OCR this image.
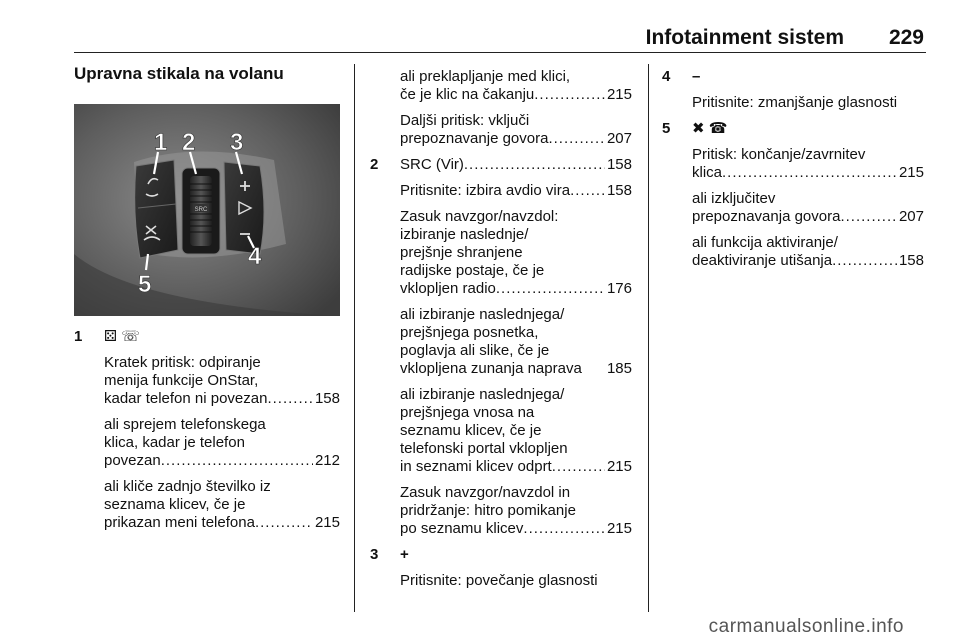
Infotainment sistem 229
Upravna stikala na volanu
SRC
1 2 3
4
5
1 ⚄ ☏
Kratek pritisk: odpiranje
menija funkcije OnStar,
kadar telefon ni povezan .....	158
ali sprejem telefonskega
klica, kadar je telefon
povezan .....	212
ali kliče zadnjo številko iz
seznama klicev, če je
prikazan meni telefona .....	215
ali preklapljanje med klici,
če je klic na čakanju .....	215
Daljši pritisk: vključi
prepoznavanje govora .....	207
2 SRC (Vir) .....	158
Pritisnite: izbira avdio vira ..... 158
Zasuk navzgor/navzdol:
izbiranje naslednje/
prejšnje shranjene
radijske postaje, če je
vklopljen radio .....	176
ali izbiranje naslednjega/
prejšnjega posnetka,
poglavja ali slike, če je
vklopljena zunanja naprava 185
ali izbiranje naslednjega/
prejšnjega vnosa na
seznamu klicev, če je
telefonski portal vklopljen
in seznami klicev odprt .....	215
Zasuk navzgor/navzdol in
pridržanje: hitro pomikanje
po seznamu klicev .....	215
3 +
Pritisnite: povečanje glasnosti
4 –
Pritisnite: zmanjšanje glasnosti
5 ✖ ☎
Pritisk: končanje/zavrnitev
klica .....	215
ali izključitev
prepoznavanja govora .....	207
ali funkcija aktiviranje/
deaktiviranje utišanja .....	158
carmanualsonline.info
